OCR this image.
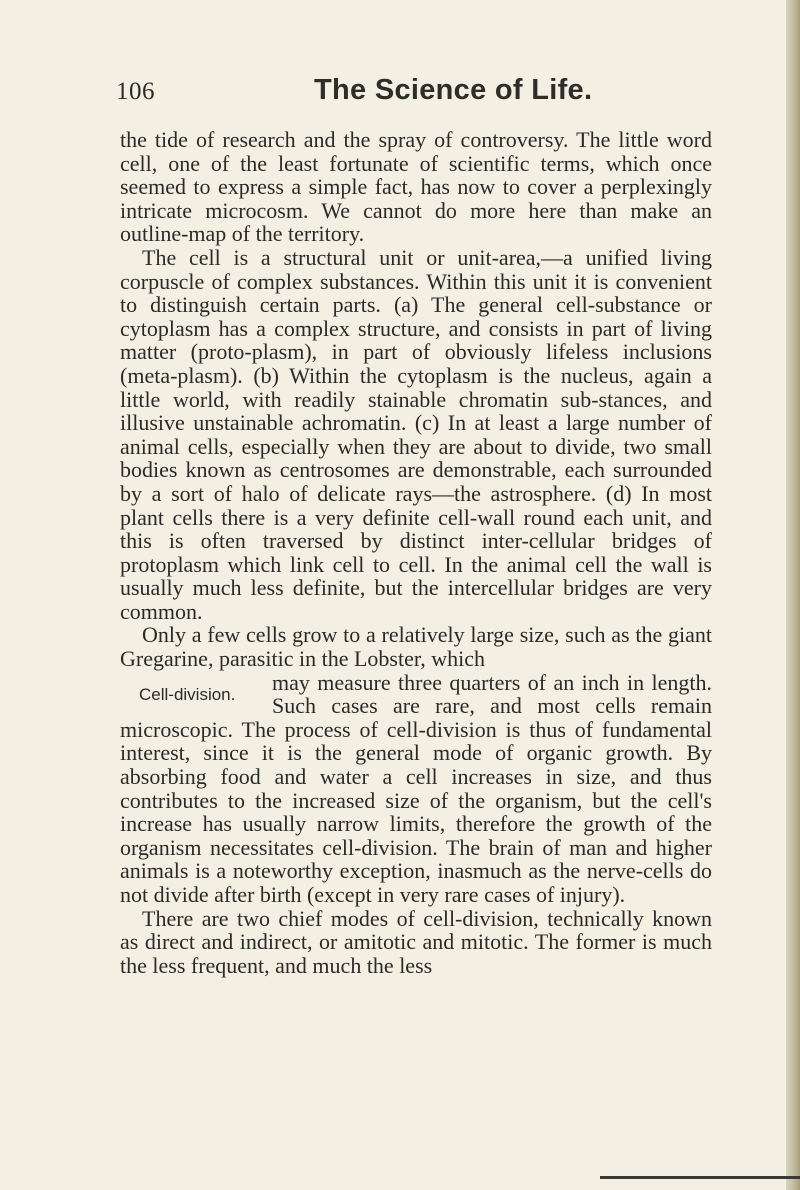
106	The Science of Life.

the tide of research and the spray of controversy. The little word cell, one of the least fortunate of scientific terms, which once seemed to express a simple fact, has now to cover a perplexingly intricate microcosm. We cannot do more here than make an outline-map of the territory.

The cell is a structural unit or unit-area,—a unified living corpuscle of complex substances. Within this unit it is convenient to distinguish certain parts. (a) The general cell-substance or cytoplasm has a complex structure, and consists in part of living matter (proto-plasm), in part of obviously lifeless inclusions (meta-plasm). (b) Within the cytoplasm is the nucleus, again a little world, with readily stainable chromatin sub-stances, and illusive unstainable achromatin. (c) In at least a large number of animal cells, especially when they are about to divide, two small bodies known as centrosomes are demonstrable, each surrounded by a sort of halo of delicate rays—the astrosphere. (d) In most plant cells there is a very definite cell-wall round each unit, and this is often traversed by distinct inter-cellular bridges of protoplasm which link cell to cell. In the animal cell the wall is usually much less definite, but the intercellular bridges are very common.

Only a few cells grow to a relatively large size, such as the giant Gregarine, parasitic in the Lobster, which

Cell-division. may measure three quarters of an inch in length. Such cases are rare, and most cells remain microscopic. The process of cell-division is thus of fundamental interest, since it is the general mode of organic growth. By absorbing food and water a cell increases in size, and thus contributes to the increased size of the organism, but the cell's increase has usually narrow limits, therefore the growth of the organism necessitates cell-division. The brain of man and higher animals is a noteworthy exception, inasmuch as the nerve-cells do not divide after birth (except in very rare cases of injury).

There are two chief modes of cell-division, technically known as direct and indirect, or amitotic and mitotic. The former is much the less frequent, and much the less
